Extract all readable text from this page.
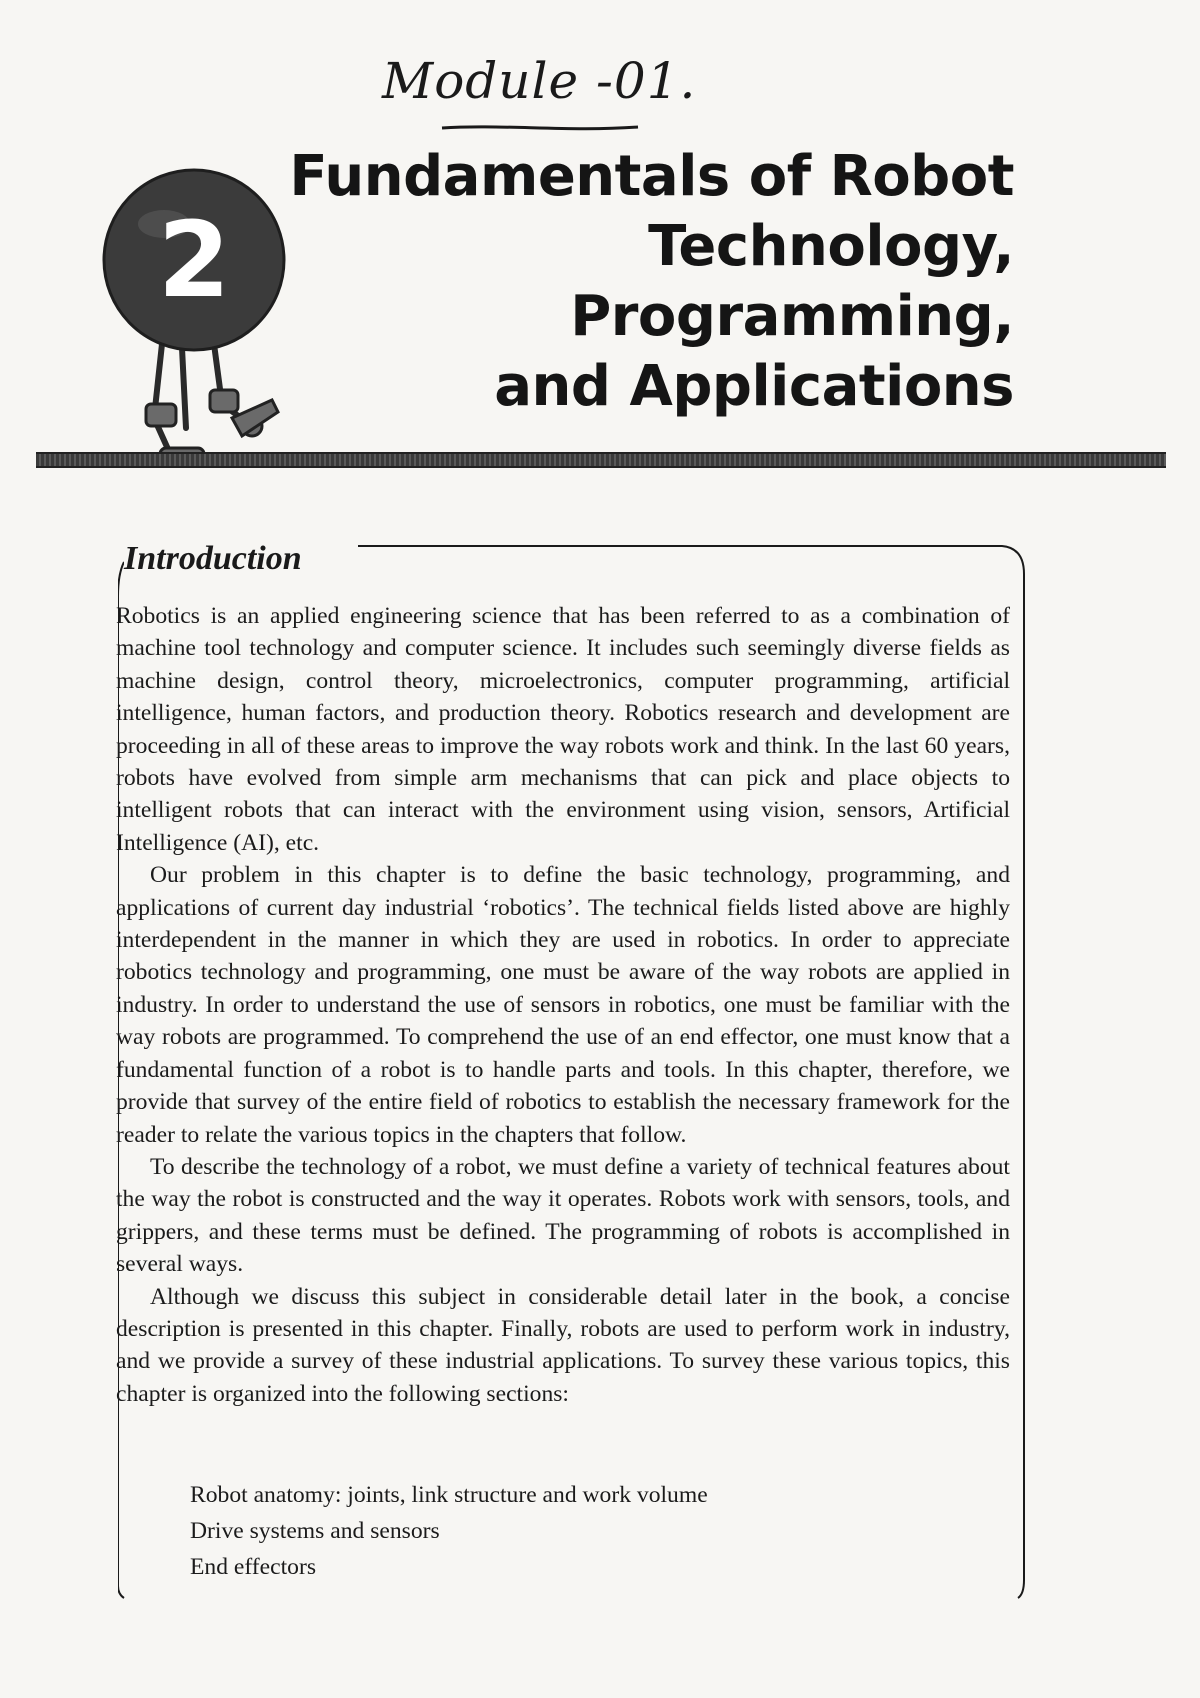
Module -01.
2
Fundamentals of Robot
Technology, Programming,
and Applications
Introduction

Robotics is an applied engineering science that has been referred to as a combination of machine tool technology and computer science. It includes such seemingly diverse fields as machine design, control theory, microelectronics, computer programming, artificial intelligence, human factors, and production theory. Robotics research and development are proceeding in all of these areas to improve the way robots work and think. In the last 60 years, robots have evolved from simple arm mechanisms that can pick and place objects to intelligent robots that can interact with the environment using vision, sensors, Artificial Intelligence (AI), etc.

Our problem in this chapter is to define the basic technology, programming, and applications of current day industrial ‘robotics’. The technical fields listed above are highly interdependent in the manner in which they are used in robotics. In order to appreciate robotics technology and programming, one must be aware of the way robots are applied in industry. In order to understand the use of sensors in robotics, one must be familiar with the way robots are programmed. To comprehend the use of an end effector, one must know that a fundamental function of a robot is to handle parts and tools. In this chapter, therefore, we provide that survey of the entire field of robotics to establish the necessary framework for the reader to relate the various topics in the chapters that follow.

To describe the technology of a robot, we must define a variety of technical features about the way the robot is constructed and the way it operates. Robots work with sensors, tools, and grippers, and these terms must be defined. The programming of robots is accomplished in several ways.

Although we discuss this subject in considerable detail later in the book, a concise description is presented in this chapter. Finally, robots are used to perform work in industry, and we provide a survey of these industrial applications. To survey these various topics, this chapter is organized into the following sections:

Robot anatomy: joints, link structure and work volume
Drive systems and sensors
End effectors
